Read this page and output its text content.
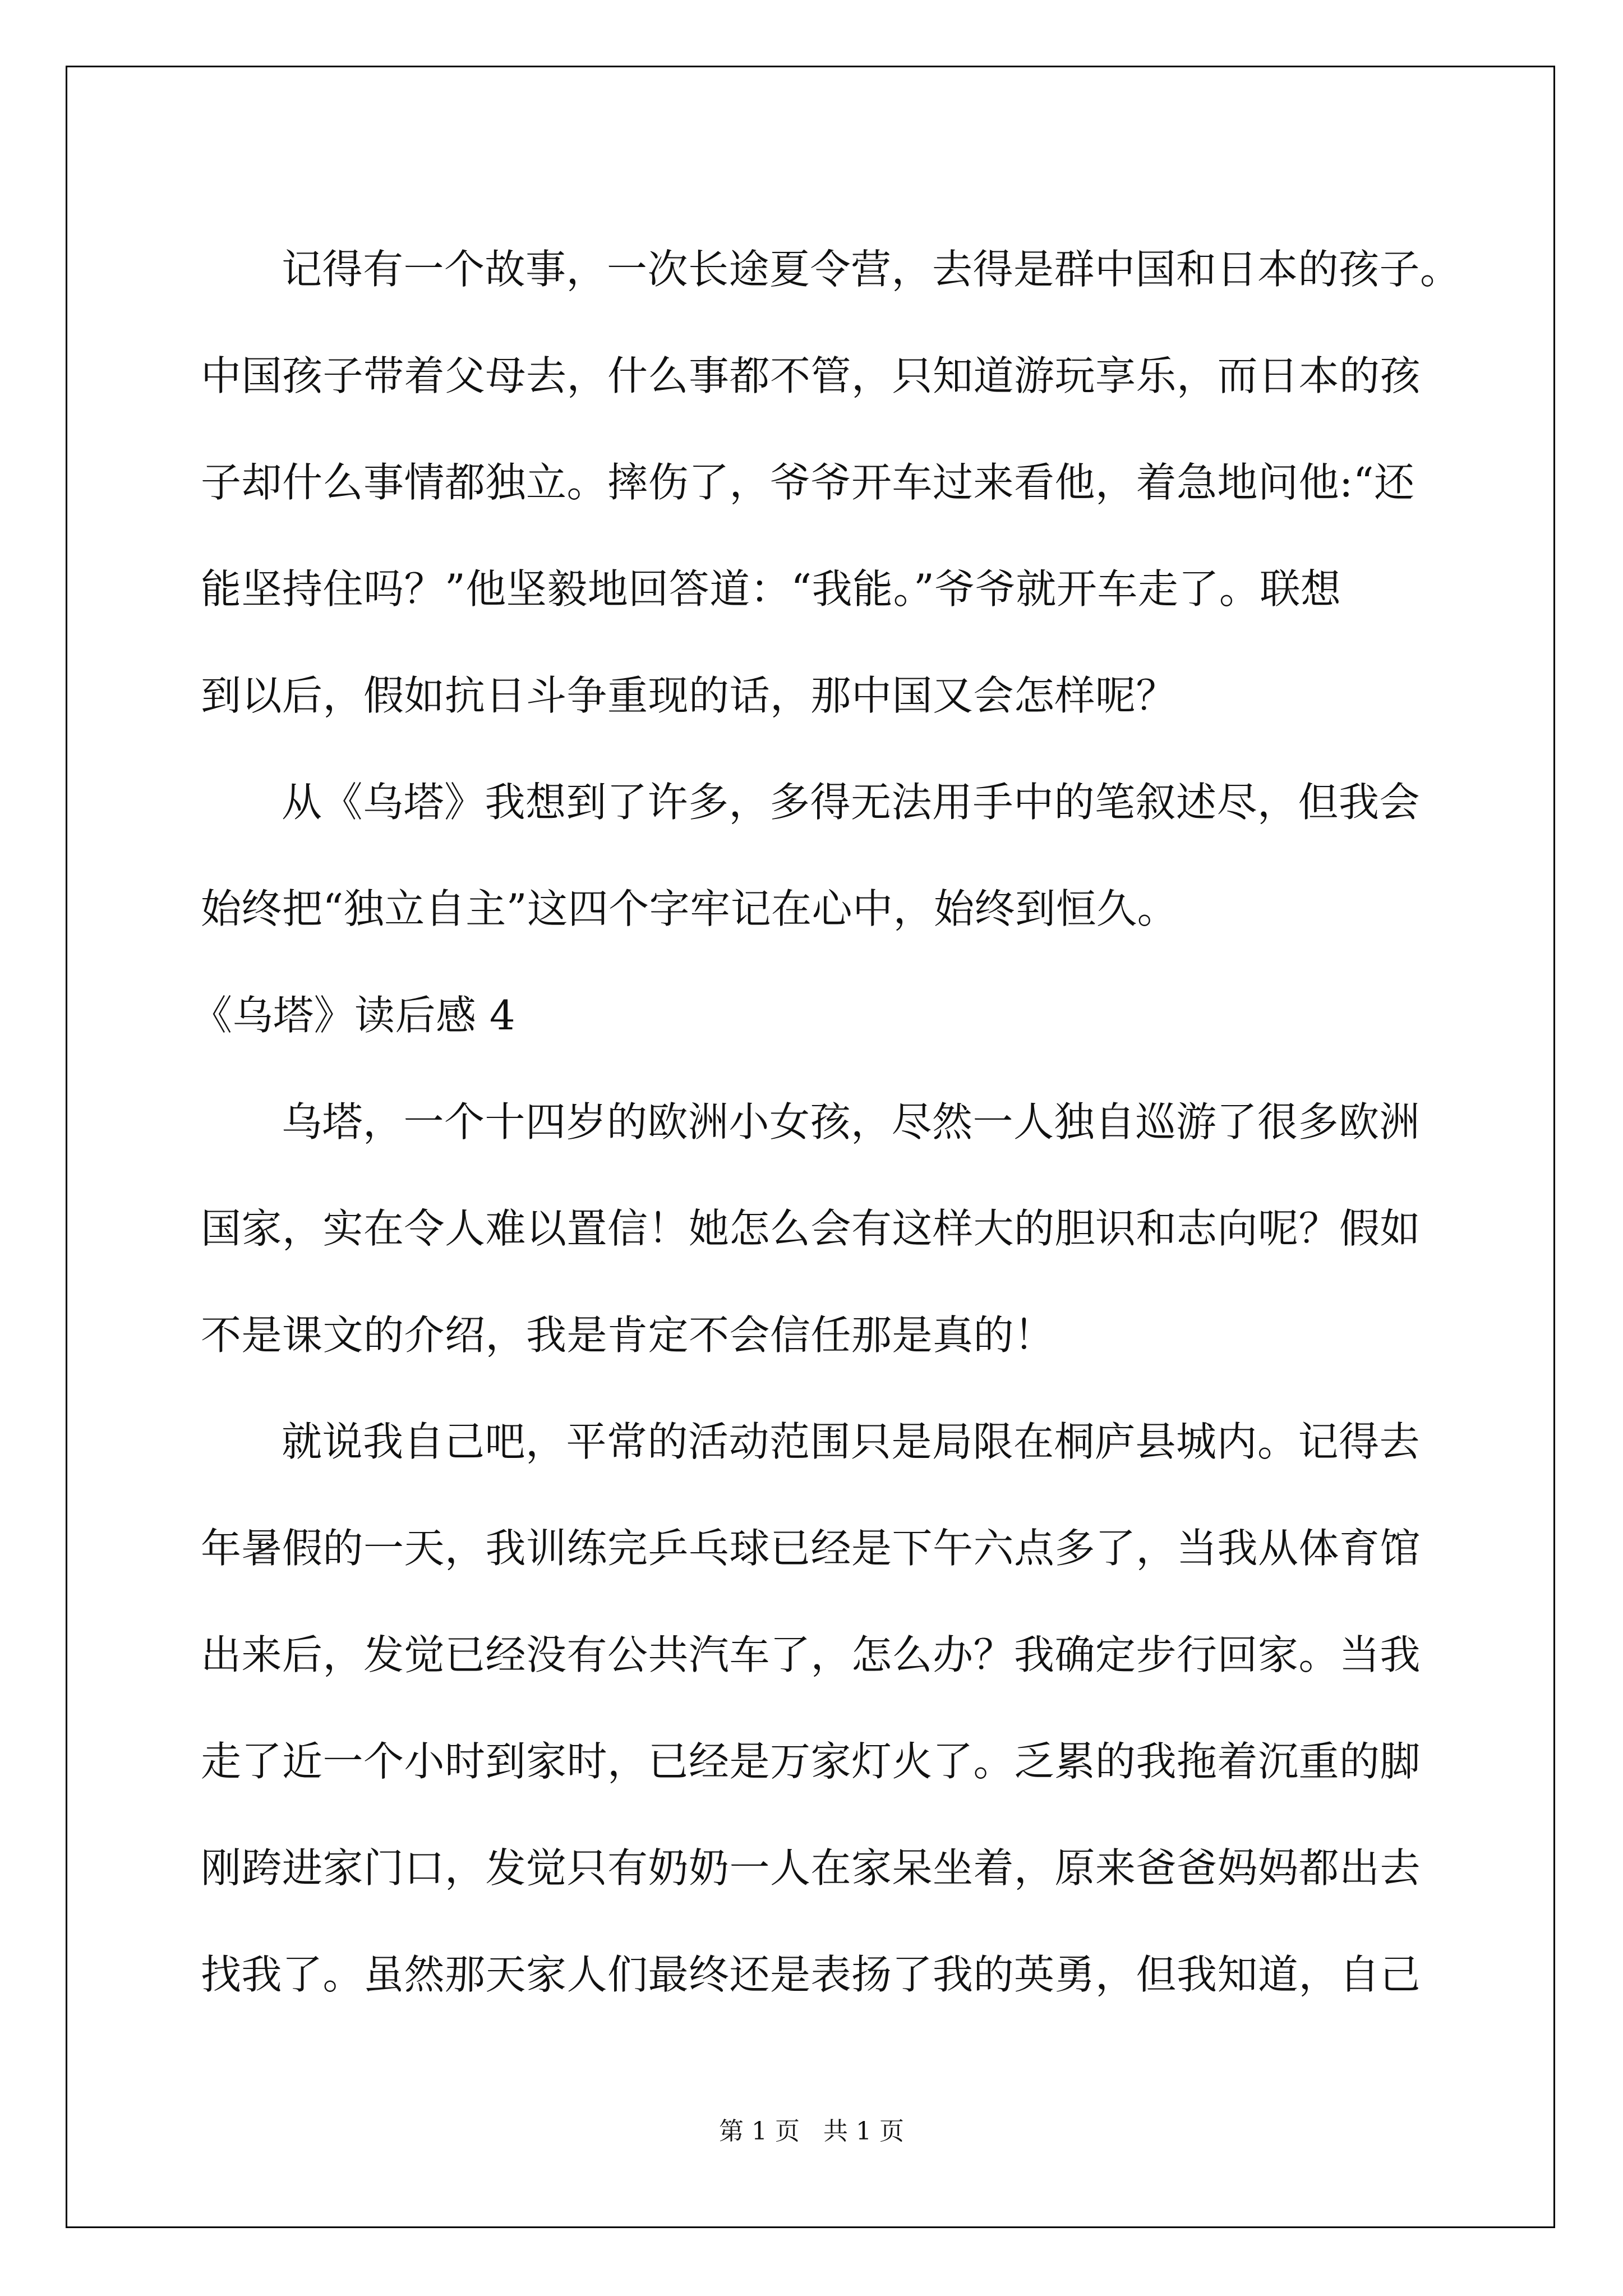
记得有一个故事，一次长途夏令营，去得是群中国和日本的孩子。
中国孩子带着父母去，什么事都不管，只知道游玩享乐，而日本的孩
子却什么事情都独立。摔伤了，爷爷开车过来看他，着急地问他:“还
能坚持住吗？”他坚毅地回答道：“我能。”爷爷就开车走了。联想
到以后，假如抗日斗争重现的话，那中国又会怎样呢？
从《乌塔》我想到了许多，多得无法用手中的笔叙述尽，但我会
始终把“独立自主”这四个字牢记在心中，始终到恒久。
《乌塔》读后感 4
乌塔，一个十四岁的欧洲小女孩，尽然一人独自巡游了很多欧洲
国家，实在令人难以置信！她怎么会有这样大的胆识和志向呢？假如
不是课文的介绍，我是肯定不会信任那是真的！
就说我自己吧，平常的活动范围只是局限在桐庐县城内。记得去
年暑假的一天，我训练完乒乓球已经是下午六点多了，当我从体育馆
出来后，发觉已经没有公共汽车了，怎么办？我确定步行回家。当我
走了近一个小时到家时，已经是万家灯火了。乏累的我拖着沉重的脚
刚跨进家门口，发觉只有奶奶一人在家呆坐着，原来爸爸妈妈都出去
找我了。虽然那天家人们最终还是表扬了我的英勇，但我知道，自己
第 1 页 共 1 页
